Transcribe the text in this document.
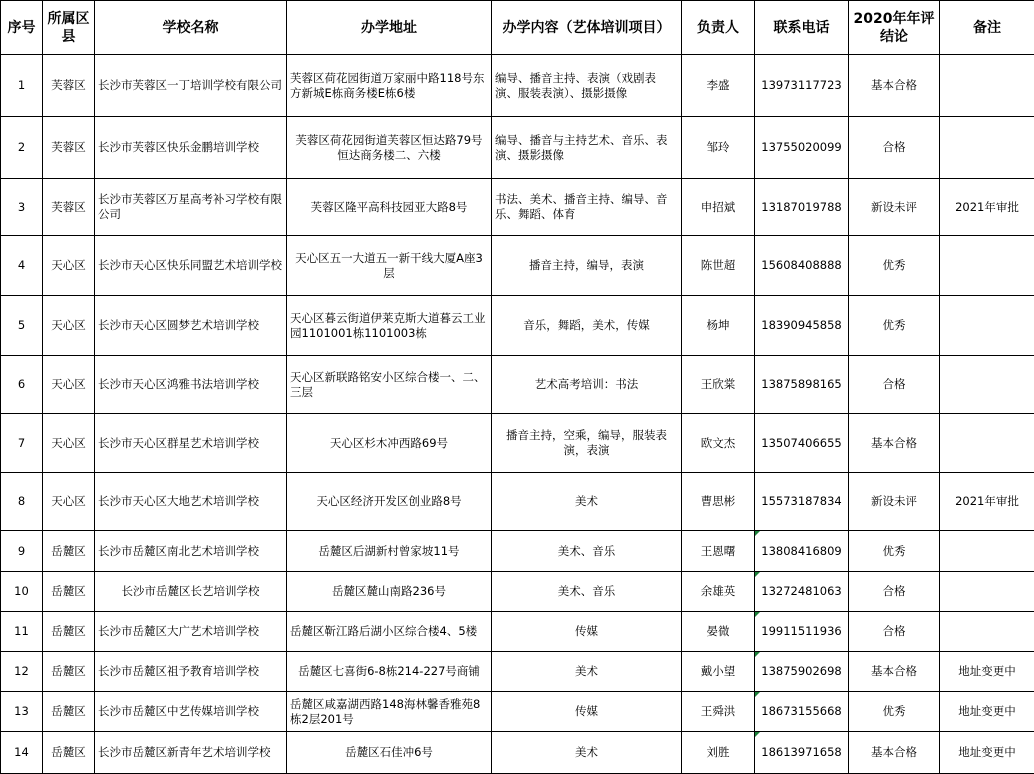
序号	所属区县	学校名称	办学地址	办学内容（艺体培训项目）	负责人	联系电话	2020年年评结论	备注
1	芙蓉区	长沙市芙蓉区一丁培训学校有限公司	芙蓉区荷花园街道万家丽中路118号东方新城E栋商务楼E栋6楼	编导、播音主持、表演（戏剧表演、服装表演）、摄影摄像	李盛	13973117723	基本合格	
2	芙蓉区	长沙市芙蓉区快乐金鹏培训学校	芙蓉区荷花园街道芙蓉区恒达路79号恒达商务楼二、六楼	编导、播音与主持艺术、音乐、表演、摄影摄像	邹玲	13755020099	合格	
3	芙蓉区	长沙市芙蓉区万星高考补习学校有限公司	芙蓉区隆平高科技园亚大路8号	书法、美术、播音主持、编导、音乐、舞蹈、体育	申招斌	13187019788	新设未评	2021年审批
4	天心区	长沙市天心区快乐同盟艺术培训学校	天心区五一大道五一新干线大厦A座3层	播音主持，编导，表演	陈世超	15608408888	优秀	
5	天心区	长沙市天心区圆梦艺术培训学校	天心区暮云街道伊莱克斯大道暮云工业园1101001栋1101003栋	音乐，舞蹈，美术，传媒	杨坤	18390945858	优秀	
6	天心区	长沙市天心区鸿雅书法培训学校	天心区新联路铭安小区综合楼一、二、三层	艺术高考培训：书法	王欣棠	13875898165	合格	
7	天心区	长沙市天心区群星艺术培训学校	天心区杉木冲西路69号	播音主持，空乘，编导，服装表演，表演	欧文杰	13507406655	基本合格	
8	天心区	长沙市天心区大地艺术培训学校	天心区经济开发区创业路8号	美术	曹思彬	15573187834	新设未评	2021年审批
9	岳麓区	长沙市岳麓区南北艺术培训学校	岳麓区后湖新村曾家坡11号	美术、音乐	王恩曙	13808416809	优秀	
10	岳麓区	长沙市岳麓区长艺培训学校	岳麓区麓山南路236号	美术、音乐	余雄英	13272481063	合格	
11	岳麓区	长沙市岳麓区大广艺术培训学校	岳麓区靳江路后湖小区综合楼4、5楼	传媒	晏微	19911511936	合格	
12	岳麓区	长沙市岳麓区祖予教育培训学校	岳麓区七喜街6-8栋214-227号商铺	美术	戴小望	13875902698	基本合格	地址变更中
13	岳麓区	长沙市岳麓区中艺传媒培训学校	岳麓区咸嘉湖西路148海林馨香雅苑8栋2层201号	传媒	王舜洪	18673155668	优秀	地址变更中
14	岳麓区	长沙市岳麓区新青年艺术培训学校	岳麓区石佳冲6号	美术	刘胜	18613971658	基本合格	地址变更中
